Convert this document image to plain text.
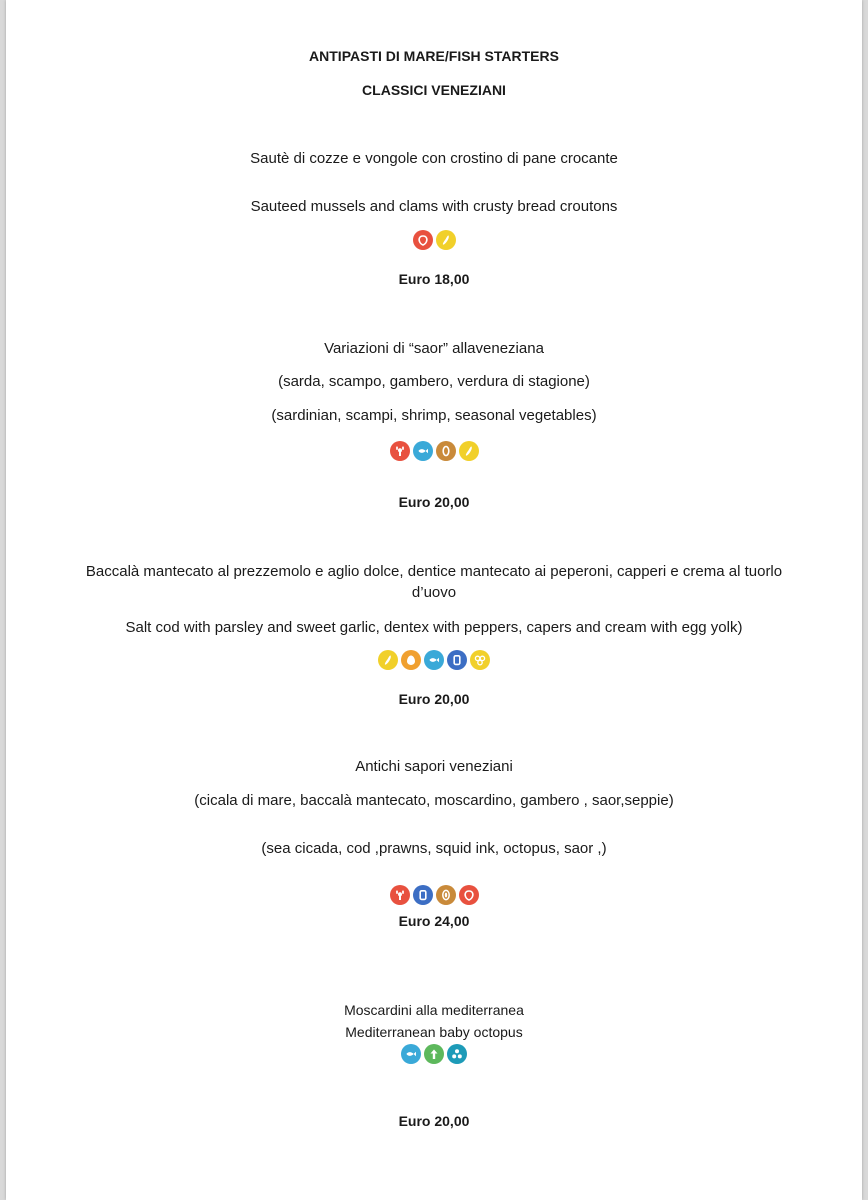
ANTIPASTI DI MARE/FISH STARTERS
CLASSICI VENEZIANI
Sautè di cozze e vongole con crostino di pane crocante
Sauteed mussels and clams with crusty bread croutons
Euro 18,00
Variazioni di “saor” allaveneziana
(sarda, scampo, gambero, verdura di stagione)
(sardinian, scampi, shrimp, seasonal vegetables)
Euro 20,00
Baccalà mantecato al prezzemolo e aglio dolce, dentice mantecato ai peperoni, capperi e crema al tuorlo d’uovo
Salt cod with parsley and sweet garlic, dentex with peppers, capers and cream with egg yolk)
Euro 20,00
Antichi sapori veneziani
(cicala di mare, baccalà mantecato, moscardino, gambero , saor,seppie)
(sea cicada, cod ,prawns, squid ink, octopus, saor ,)
Euro 24,00
Moscardini alla mediterranea
Mediterranean baby octopus
Euro 20,00
